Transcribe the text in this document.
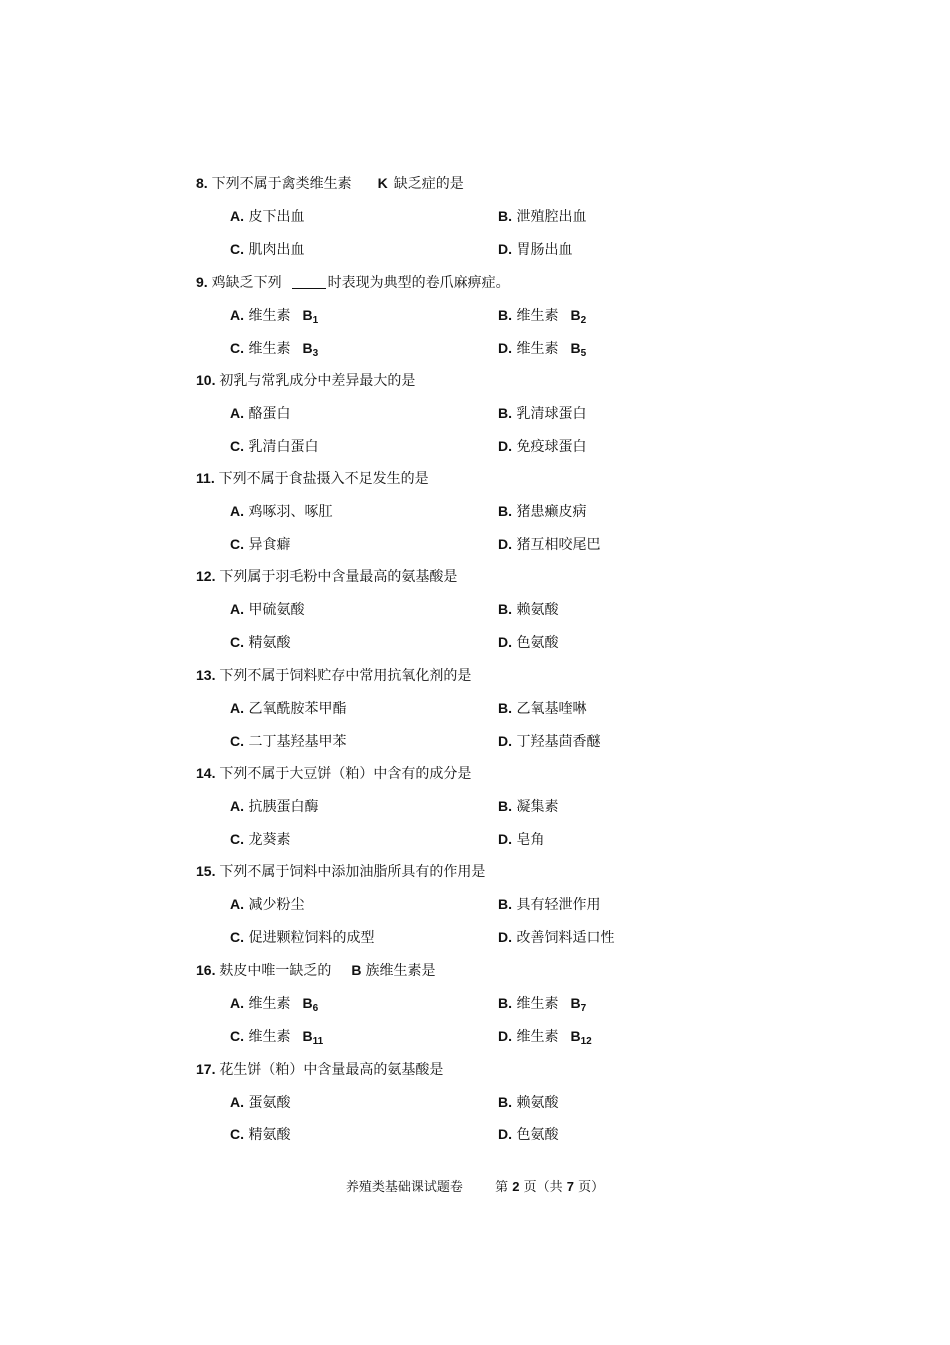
8 . 下列不属于禽类维生素 K 缺乏症的是
A. 皮下出血	B. 泄殖腔出血
C. 肌肉出血	D. 胃肠出血
9 . 鸡缺乏下列	时表现为典型的卷爪麻痹症。
A. 维生素 $B_1$	B. 维生素 $B_2$
C. 维生素 $B_3$	D. 维生素 $B_5$
10 . 初乳与常乳成分中差异最大的是
A. 酪蛋白	B. 乳清球蛋白
C. 乳清白蛋白	D. 免疫球蛋白
11 . 下列不属于食盐摄入不足发生的是
A. 鸡啄羽、啄肛	B. 猪患癞皮病
C. 异食癖	D. 猪互相咬尾巴
12 . 下列属于羽毛粉中含量最高的氨基酸是
A. 甲硫氨酸	B. 赖氨酸
C. 精氨酸	D. 色氨酸
13 . 下列不属于饲料贮存中常用抗氧化剂的是
A. 乙氧酰胺苯甲酯	B. 乙氧基喹啉
C. 二丁基羟基甲苯	D. 丁羟基茴香醚
14 . 下列不属于大豆饼（粕）中含有的成分是
A. 抗胰蛋白酶	B. 凝集素
C. 龙葵素	D. 皂角
15 . 下列不属于饲料中添加油脂所具有的作用是
A. 减少粉尘	B. 具有轻泄作用
C. 促进颗粒饲料的成型	D. 改善饲料适口性
16 . 麸皮中唯一缺乏的 B 族维生素是
A. 维生素 $B_6$	B. 维生素 $B_7$
C. 维生素 $B_{11}$	D. 维生素 $B_{12}$
17 . 花生饼（粕）中含量最高的氨基酸是
A. 蛋氨酸	B. 赖氨酸
C. 精氨酸	D. 色氨酸
养殖类基础课试题卷 第 2 页（共 7 页）
